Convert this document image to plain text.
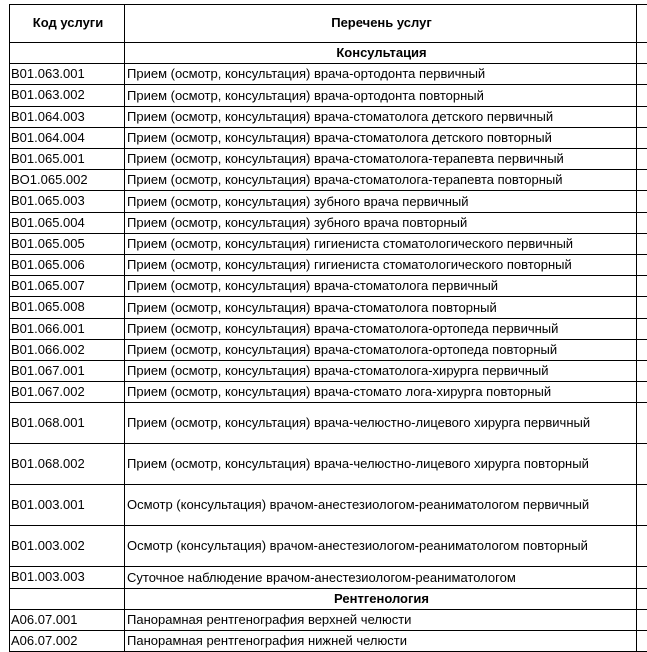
Код услуги	Перечень услуг	
	Консультация	
B01.063.001	Прием (осмотр, консультация) врача-ортодонта первичный	
B01.063.002	Прием (осмотр, консультация) врача-ортодонта повторный	
B01.064.003	Прием (осмотр, консультация) врача-стоматолога детского первичный	
B01.064.004	Прием (осмотр, консультация) врача-стоматолога детского повторный	
B01.065.001	Прием (осмотр, консультация) врача-стоматолога-терапевта первичный	
BO1.065.002	Прием (осмотр, консультация) врача-стоматолога-терапевта повторный	
B01.065.003	Прием (осмотр, консультация) зубного врача первичный	
B01.065.004	Прием (осмотр, консультация) зубного врача повторный	
B01.065.005	Прием (осмотр, консультация) гигиениста стоматологического первичный	
B01.065.006	Прием (осмотр, консультация) гигиениста стоматологического повторный	
B01.065.007	Прием (осмотр, консультация) врача-стоматолога первичный	
B01.065.008	Прием (осмотр, консультация) врача-стоматолога повторный	
B01.066.001	Прием (осмотр, консультация) врача-стоматолога-ортопеда первичный	
B01.066.002	Прием (осмотр, консультация) врача-стоматолога-ортопеда повторный	
B01.067.001	Прием (осмотр, консультация) врача-стоматолога-хирурга первичный	
B01.067.002	Прием (осмотр, консультация) врача-стомато лога-хирурга повторный	
B01.068.001	Прием (осмотр, консультация) врача-челюстно-лицевого хирурга первичный	
B01.068.002	Прием (осмотр, консультация) врача-челюстно-лицевого хирурга повторный	
B01.003.001	Осмотр (консультация) врачом-анестезиологом-реаниматологом первичный	
B01.003.002	Осмотр (консультация) врачом-анестезиологом-реаниматологом повторный	
B01.003.003	Суточное наблюдение врачом-анестезиологом-реаниматологом	
	Рентгенология	
A06.07.001	Панорамная рентгенография верхней челюсти	
A06.07.002	Панорамная рентгенография нижней челюсти	
